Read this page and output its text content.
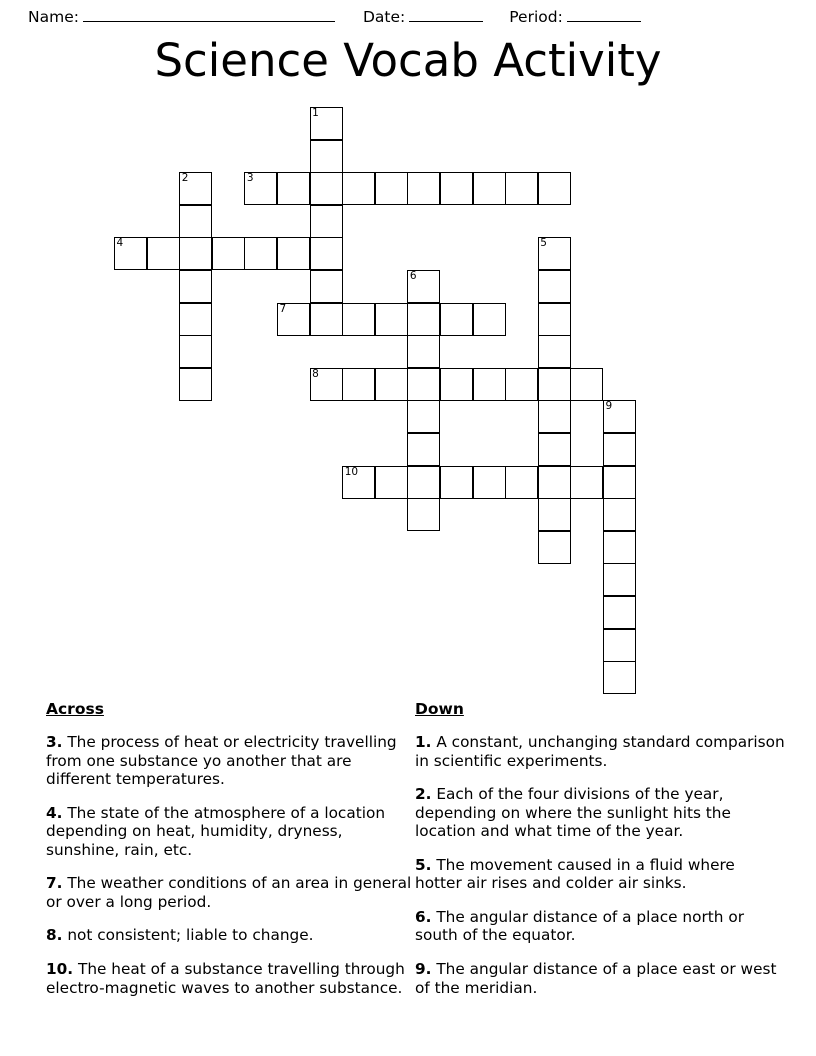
Name:	Date:	Period:
Science Vocab Activity
1
2	3
4	5
6
7
8
9
10
Across

3. The process of heat or electricity travelling from one substance yo another that are different temperatures.

4. The state of the atmosphere of a location depending on heat, humidity, dryness, sunshine, rain, etc.

7. The weather conditions of an area in general or over a long period.

8. not consistent; liable to change.

10. The heat of a substance travelling through electro-magnetic waves to another substance.

Down

1. A constant, unchanging standard comparison in scientific experiments.

2. Each of the four divisions of the year, depending on where the sunlight hits the location and what time of the year.

5. The movement caused in a fluid where hotter air rises and colder air sinks.

6. The angular distance of a place north or south of the equator.

9. The angular distance of a place east or west of the meridian.
